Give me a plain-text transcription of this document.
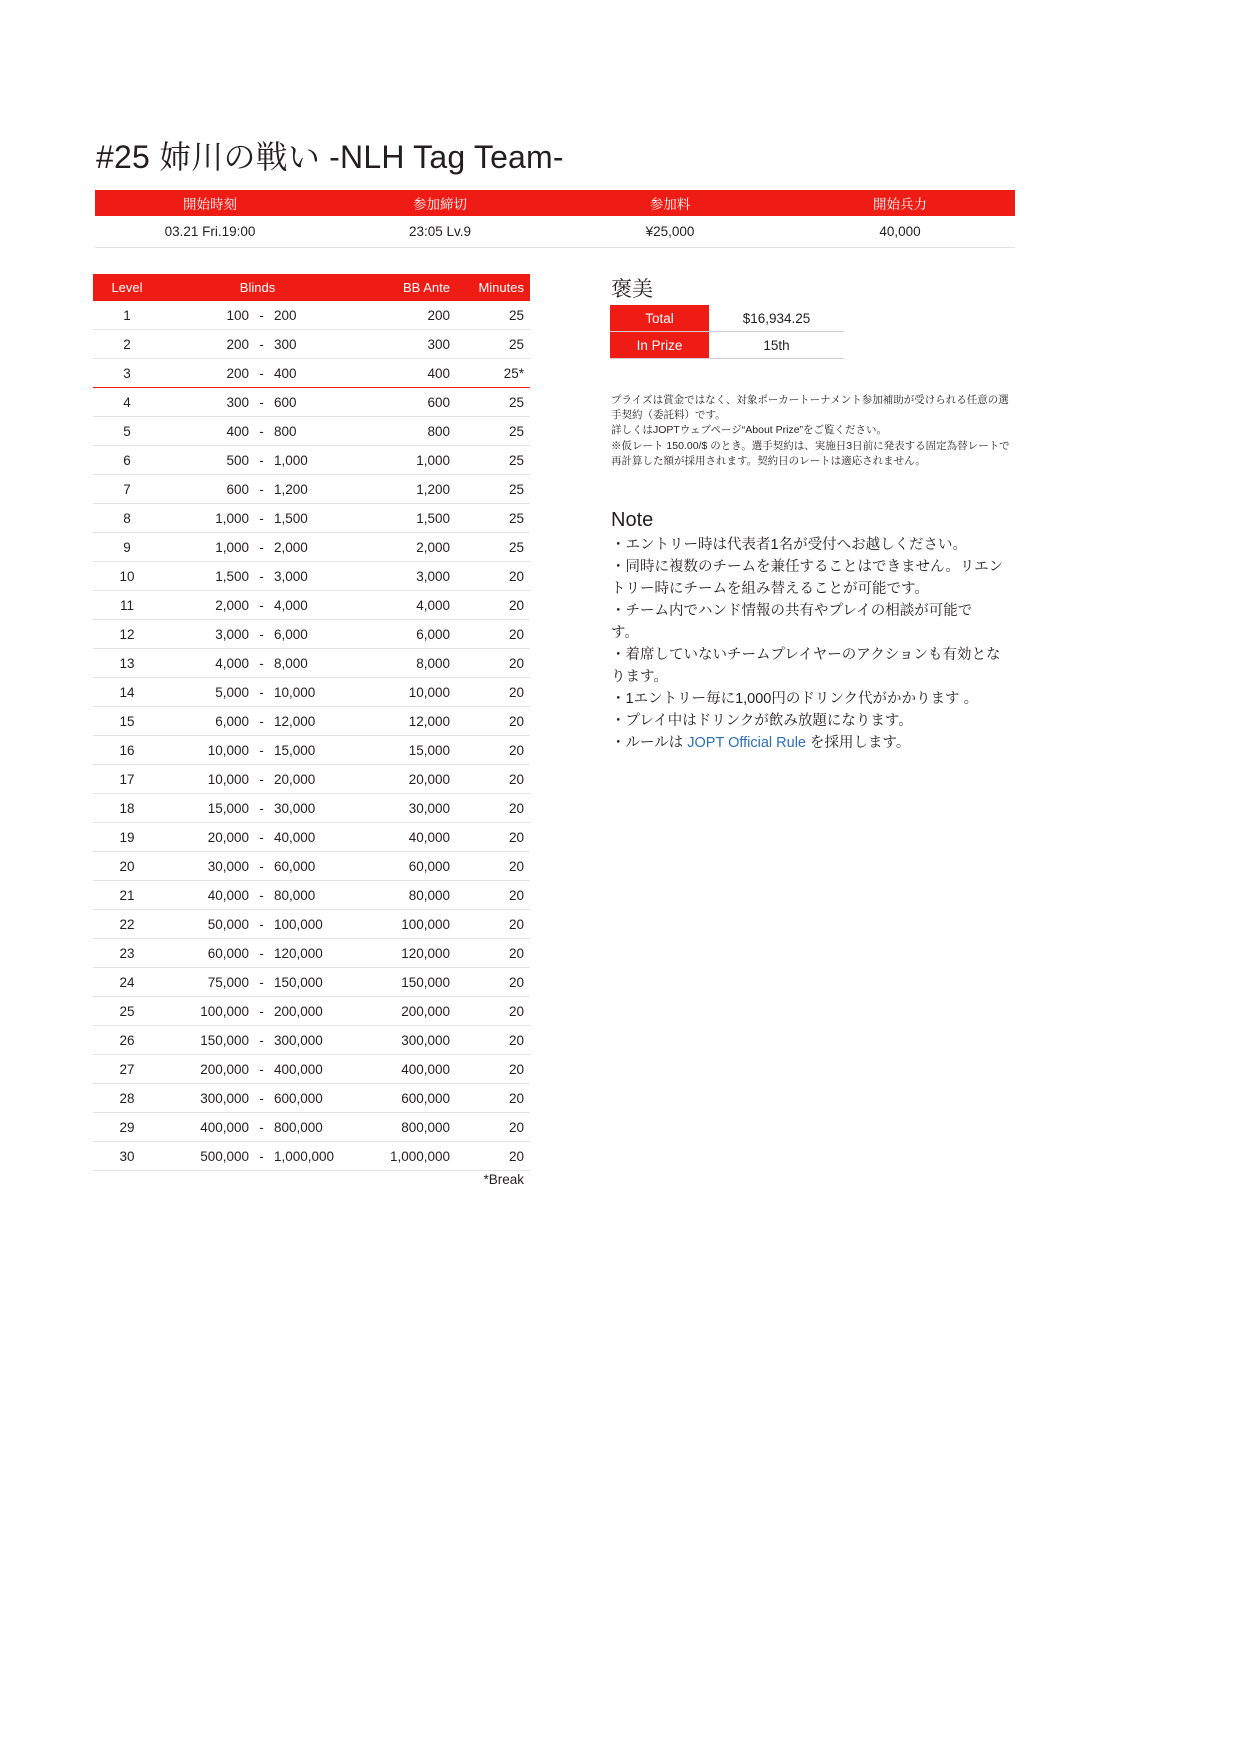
#25 姉川の戦い -NLH Tag Team-
開始時刻	参加締切	参加料	開始兵力
03.21 Fri.19:00	23:05 Lv.9	¥25,000	40,000
Level	Blinds	BB Ante	Minutes
1	100 - 200	200	25
2	200 - 300	300	25
3	200 - 400	400	25*
4	300 - 600	600	25
5	400 - 800	800	25
6	500 - 1,000	1,000	25
7	600 - 1,200	1,200	25
8	1,000 - 1,500	1,500	25
9	1,000 - 2,000	2,000	25
10	1,500 - 3,000	3,000	20
11	2,000 - 4,000	4,000	20
12	3,000 - 6,000	6,000	20
13	4,000 - 8,000	8,000	20
14	5,000 - 10,000	10,000	20
15	6,000 - 12,000	12,000	20
16	10,000 - 15,000	15,000	20
17	10,000 - 20,000	20,000	20
18	15,000 - 30,000	30,000	20
19	20,000 - 40,000	40,000	20
20	30,000 - 60,000	60,000	20
21	40,000 - 80,000	80,000	20
22	50,000 - 100,000	100,000	20
23	60,000 - 120,000	120,000	20
24	75,000 - 150,000	150,000	20
25	100,000 - 200,000	200,000	20
26	150,000 - 300,000	300,000	20
27	200,000 - 400,000	400,000	20
28	300,000 - 600,000	600,000	20
29	400,000 - 800,000	800,000	20
30	500,000 - 1,000,000	1,000,000	20
*Break
褒美
Total	$16,934.25
In Prize	15th

プライズは賞金ではなく、対象ポーカートーナメント参加補助が受けられる任意の選

手契約（委託料）です。

詳しくはJOPTウェブページ“About Prize”をご覧ください。

※仮レート 150.00/$ のとき。選手契約は、実施日3日前に発表する固定為替レートで

再計算した額が採用されます。契約日のレートは適応されません。

Note

・エントリー時は代表者1名が受付へお越しください。

・同時に複数のチームを兼任することはできません。リエン

トリー時にチームを組み替えることが可能です。

・チーム内でハンド情報の共有やプレイの相談が可能で

す。

・着席していないチームプレイヤーのアクションも有効とな

ります。

・1エントリー毎に1,000円のドリンク代がかかります 。

・プレイ中はドリンクが飲み放題になります。

・ルールは JOPT Official Rule を採用します。
